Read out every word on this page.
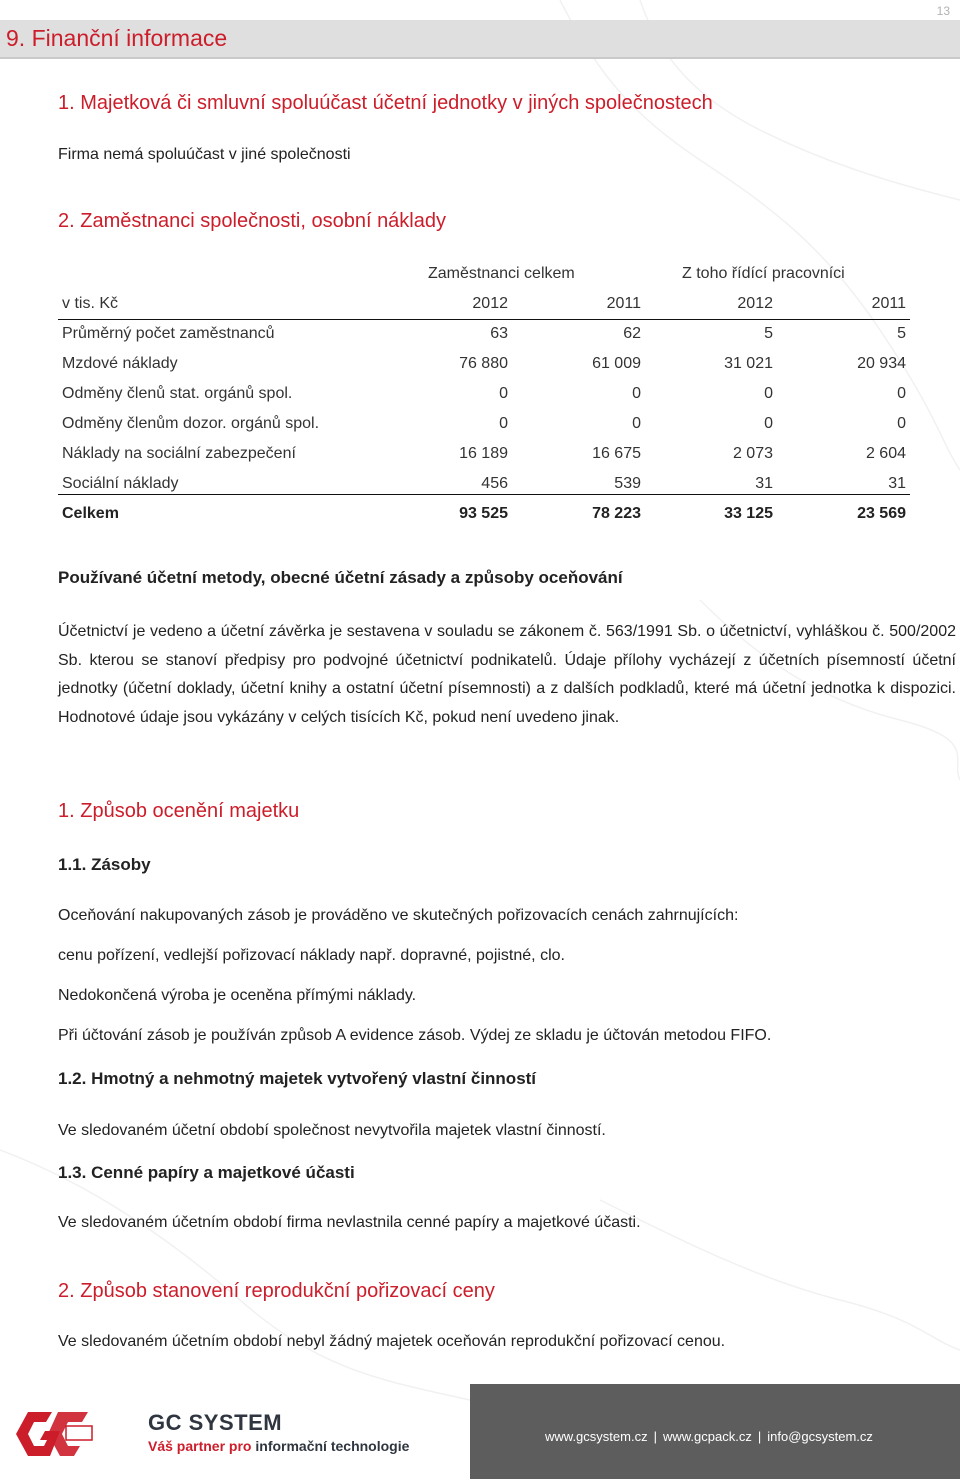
13
9. Finanční informace
1. Majetková či smluvní spoluúčast účetní jednotky v jiných společnostech
Firma nemá spoluúčast v jiné společnosti
2. Zaměstnanci společnosti, osobní náklady
Zaměstnanci celkem	Z toho řídící pracovníci
v tis. Kč	2012	2011	2012	2011
Průměrný počet zaměstnanců	63	62	5	5
Mzdové náklady	76 880	61 009	31 021	20 934
Odměny členů stat. orgánů spol.	0	0	0	0
Odměny členům dozor. orgánů spol.	0	0	0	0
Náklady na sociální zabezpečení	16 189	16 675	2 073	2 604
Sociální náklady	456	539	31	31
Celkem	93 525	78 223	33 125	23 569
Používané účetní metody, obecné účetní zásady a způsoby oceňování
Účetnictví je vedeno a účetní závěrka je sestavena v souladu se zákonem č. 563/1991 Sb. o účetnictví, vyhláškou č. 500/2002 Sb. kterou se stanoví předpisy pro podvojné účetnictví podnikatelů. Údaje přílohy vycházejí z účetních písemností účetní jednotky (účetní doklady, účetní knihy a ostatní účetní písemnosti) a z dalších podkladů, které má účetní jednotka k dispozici. Hodnotové údaje jsou vykázány v celých tisících Kč, pokud není uvedeno jinak.
1. Způsob ocenění majetku
1.1. Zásoby
Oceňování nakupovaných zásob je prováděno ve skutečných pořizovacích cenách zahrnujících:
cenu pořízení, vedlejší pořizovací náklady např. dopravné, pojistné, clo.
Nedokončená výroba je oceněna přímými náklady.
Při účtování zásob je používán způsob A evidence zásob. Výdej ze skladu je účtován metodou FIFO.
1.2. Hmotný a nehmotný majetek vytvořený vlastní činností
Ve sledovaném účetní období společnost nevytvořila majetek vlastní činností.
1.3. Cenné papíry a majetkové účasti
Ve sledovaném účetním období firma nevlastnila cenné papíry a majetkové účasti.
2. Způsob stanovení reprodukční pořizovací ceny
Ve sledovaném účetním období nebyl žádný majetek oceňován reprodukční pořizovací cenou.
GC SYSTEM
Váš partner pro informační technologie
www.gcsystem.cz | www.gcpack.cz | info@gcsystem.cz
